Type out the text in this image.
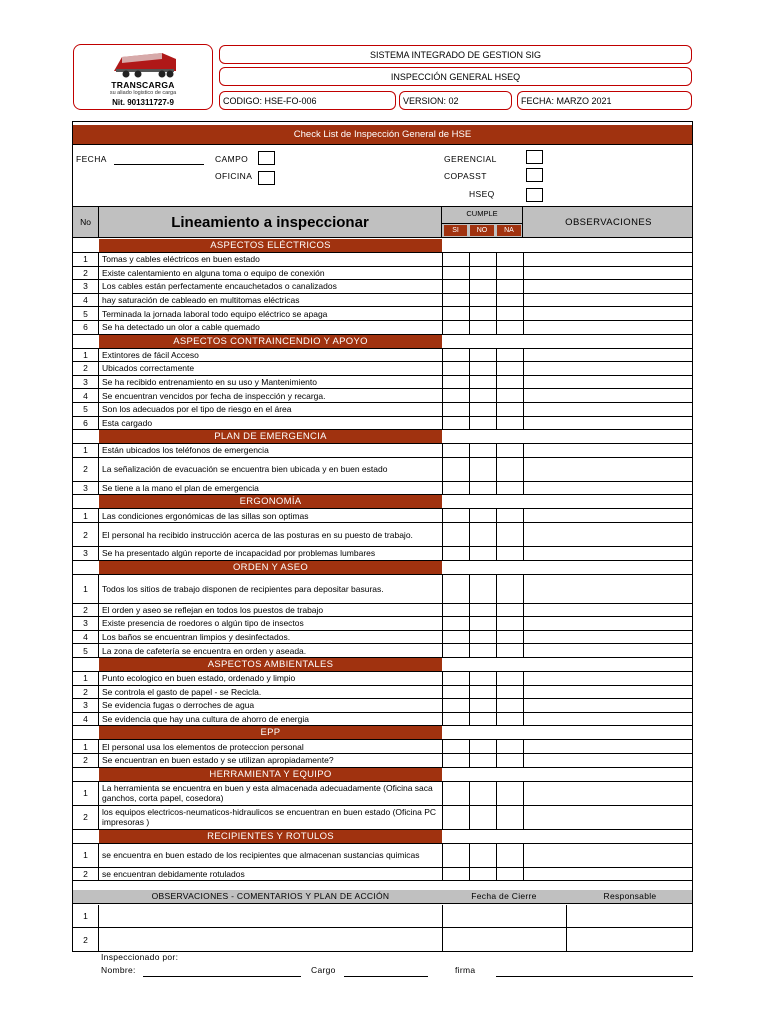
TRANSCARGA
su aliado logistico de carga
Nit. 901311727-9
SISTEMA INTEGRADO DE GESTION SIG
INSPECCIÓN GENERAL HSEQ
CODIGO: HSE-FO-006	VERSION: 02	FECHA: MARZO 2021
Check List de Inspección General de HSE
FECHA	CAMPO
OFICINA
GERENCIAL
COPASST
HSEQ
No	Lineamiento a inspeccionar	CUMPLE
SI	NO	NA
OBSERVACIONES
ASPECTOS ELÉCTRICOS
1	Tomas y cables eléctricos en buen estado
2	Existe calentamiento en alguna toma o equipo de conexión
3	Los cables están perfectamente encauchetados o canalizados
4	hay saturación de cableado en multitomas eléctricas
5	Terminada la jornada laboral todo equipo eléctrico se apaga
6	Se ha detectado un olor a cable quemado
ASPECTOS CONTRAINCENDIO Y APOYO
1	Extintores de fácil Acceso
2	Ubicados correctamente
3	Se ha recibido entrenamiento en su uso y Mantenimiento
4	Se encuentran vencidos por fecha de inspección y recarga.
5	Son los adecuados por el tipo de riesgo en el área
6	Esta cargado
PLAN DE EMERGENCIA
1	Están ubicados los teléfonos de emergencia
2	La señalización de evacuación se encuentra bien ubicada y en buen estado
3	Se tiene a la mano el plan de emergencia
ERGONOMÍA
1	Las condiciones ergonómicas de las sillas son optimas
2	El personal ha recibido instrucción acerca de las posturas en su puesto de trabajo.
3	Se ha presentado algún reporte de incapacidad por problemas lumbares
ORDEN Y ASEO
1	Todos los sitios de trabajo disponen de recipientes para depositar basuras.
2	El orden y aseo se reflejan en todos los puestos de trabajo
3	Existe presencia de roedores o algún tipo de insectos
4	Los baños se encuentran limpios y desinfectados.
5	La zona de cafetería se encuentra en orden y aseada.
ASPECTOS AMBIENTALES
1	Punto ecologico en buen estado, ordenado y limpio
2	Se controla el gasto de papel - se Recicla.
3	Se evidencia fugas o derroches de agua
4	Se evidencia que hay una cultura de ahorro de energia
EPP
1	El personal usa los elementos de proteccion personal
2	Se encuentran en buen estado y se utilizan apropiadamente?
HERRAMIENTA Y EQUIPO
1	La herramienta se encuentra en buen y esta almacenada adecuadamente (Oficina saca ganchos, corta papel, cosedora)
2	los equipos electricos-neumaticos-hidraulicos se encuentran en buen estado (Oficina PC impresoras )
RECIPIENTES Y ROTULOS
1	se encuentra en buen estado de los recipientes que almacenan sustancias quimicas
2	se encuentran debidamente rotulados
OBSERVACIONES - COMENTARIOS Y PLAN DE ACCIÓN	Fecha de Cierre	Responsable
1
2
Inspeccionado por:
Nombre:	Cargo	firma
